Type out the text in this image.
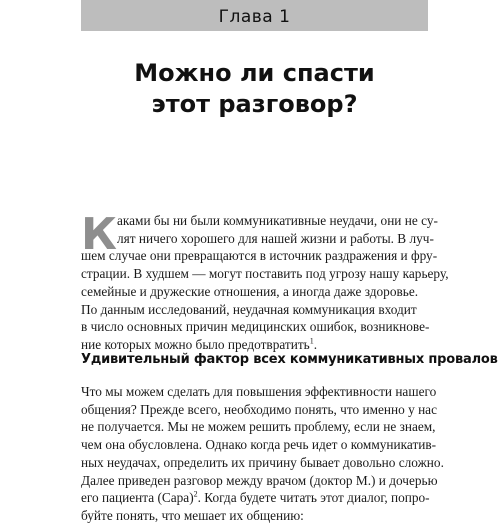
Глава 1
Можно ли спасти
этот разговор?
К аками бы ни были коммуникативные неудачи, они не су-
лят ничего хорошего для нашей жизни и работы. В луч-
шем случае они превращаются в источник раздражения и фру-
страции. В худшем — могут поставить под угрозу нашу карьеру,
семейные и дружеские отношения, а иногда даже здоровье.
По данным исследований, неудачная коммуникация входит
в число основных причин медицинских ошибок, возникнове-
ние которых можно было предотвратить$^1$.
Удивительный фактор всех коммуникативных провалов
Что мы можем сделать для повышения эффективности нашего
общения? Прежде всего, необходимо понять, что именно у нас
не получается. Мы не можем решить проблему, если не знаем,
чем она обусловлена. Однако когда речь идет о коммуникатив-
ных неудачах, определить их причину бывает довольно сложно.
Далее приведен разговор между врачом (доктор М.) и дочерью
его пациента (Сара)$^2$. Когда будете читать этот диалог, попро-
буйте понять, что мешает их общению:
